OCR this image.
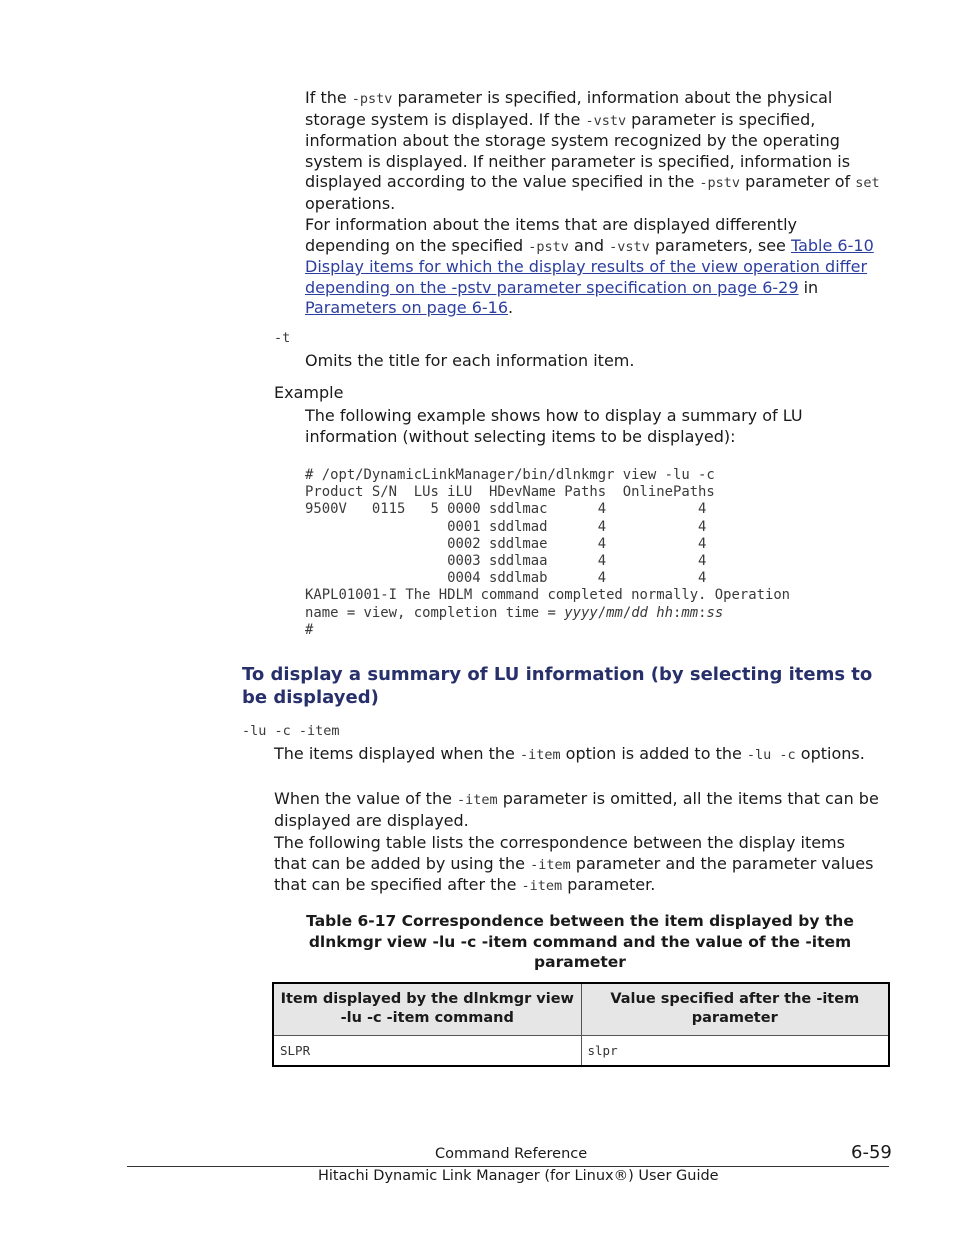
If the -pstv parameter is specified, information about the physical storage system is displayed. If the -vstv parameter is specified, information about the storage system recognized by the operating system is displayed. If neither parameter is specified, information is displayed according to the value specified in the -pstv parameter of set operations.

For information about the items that are displayed differently depending on the specified -pstv and -vstv parameters, see Table 6-10 Display items for which the display results of the view operation differ depending on the -pstv parameter specification on page 6-29 in Parameters on page 6-16.

-t
Omits the title for each information item.
Example

The following example shows how to display a summary of LU information (without selecting items to be displayed):

# /opt/DynamicLinkManager/bin/dlnkmgr view -lu -c
Product S/N  LUs iLU  HDevName Paths  OnlinePaths
9500V   0115   5 0000 sddlmac      4           4
0001 sddlmad      4           4
0002 sddlmae      4           4
0003 sddlmaa      4           4
0004 sddlmab      4           4
KAPL01001-I The HDLM command completed normally. Operation
name = view, completion time = yyyy/mm/dd hh:mm:ss
#
To display a summary of LU information (by selecting items to be displayed)
-lu -c -item

The items displayed when the -item option is added to the -lu -c options.

When the value of the -item parameter is omitted, all the items that can be displayed are displayed.

The following table lists the correspondence between the display items that can be added by using the -item parameter and the parameter values that can be specified after the -item parameter.

Table 6-17 Correspondence between the item displayed by the dlnkmgr view -lu -c -item command and the value of the -item parameter
Item displayed by the dlnkmgr view -lu -c -item command	Value specified after the -item parameter
SLPR	slpr
Command Reference	6-59
Hitachi Dynamic Link Manager (for Linux®) User Guide
